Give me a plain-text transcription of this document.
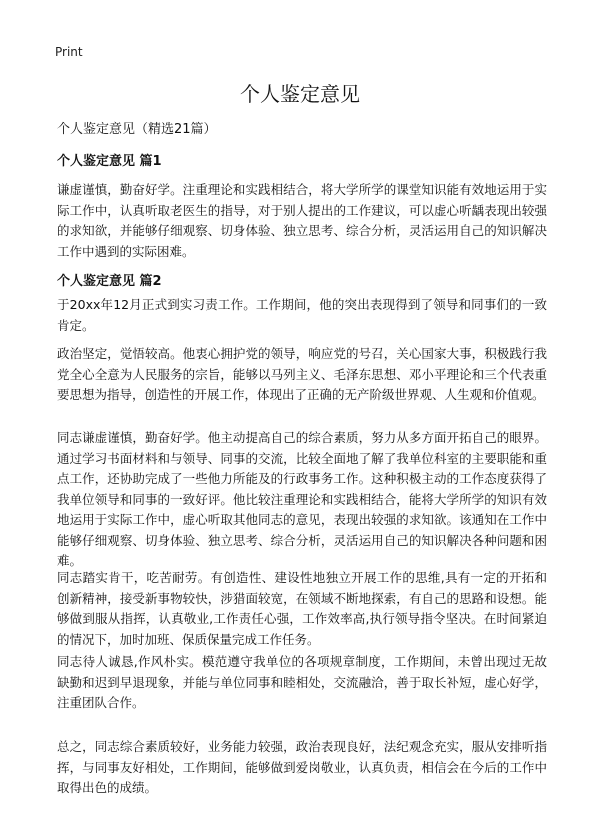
Print
个人鉴定意见

个人鉴定意见（精选21篇）

个人鉴定意见 篇1

谦虚谨慎，勤奋好学。注重理论和实践相结合，将大学所学的课堂知识能有效地运用于实际工作中，认真听取老医生的指导，对于别人提出的工作建议，可以虚心听龋表现出较强的求知欲，并能够仔细观察、切身体验、独立思考、综合分析，灵活运用自己的知识解决工作中遇到的实际困难。

个人鉴定意见 篇2

于20xx年12月正式到实习责工作。工作期间，他的突出表现得到了领导和同事们的一致肯定。

政治坚定，觉悟较高。他衷心拥护党的领导，响应党的号召，关心国家大事，积极践行我党全心全意为人民服务的宗旨，能够以马列主义、毛泽东思想、邓小平理论和三个代表重要思想为指导，创造性的开展工作，体现出了正确的无产阶级世界观、人生观和价值观。

同志谦虚谨慎，勤奋好学。他主动提高自己的综合素质，努力从多方面开拓自己的眼界。通过学习书面材料和与领导、同事的交流，比较全面地了解了我单位科室的主要职能和重点工作，还协助完成了一些他力所能及的行政事务工作。这种积极主动的工作态度获得了我单位领导和同事的一致好评。他比较注重理论和实践相结合，能将大学所学的知识有效地运用于实际工作中，虚心听取其他同志的意见，表现出较强的求知欲。该通知在工作中能够仔细观察、切身体验、独立思考、综合分析，灵活运用自己的知识解决各种问题和困难。

同志踏实肯干，吃苦耐劳。有创造性、建设性地独立开展工作的思维,具有一定的开拓和创新精神，接受新事物较快，涉猎面较宽，在领域不断地探索，有自己的思路和设想。能够做到服从指挥，认真敬业,工作责任心强，工作效率高,执行领导指令坚决。在时间紧迫的情况下，加时加班、保质保量完成工作任务。

同志待人诚恳,作风朴实。模范遵守我单位的各项规章制度，工作期间，未曾出现过无故缺勤和迟到早退现象，并能与单位同事和睦相处，交流融洽，善于取长补短，虚心好学，注重团队合作。

总之，同志综合素质较好，业务能力较强，政治表现良好，法纪观念充实，服从安排听指挥，与同事友好相处，工作期间，能够做到爱岗敬业，认真负责，相信会在今后的工作中取得出色的成绩。
